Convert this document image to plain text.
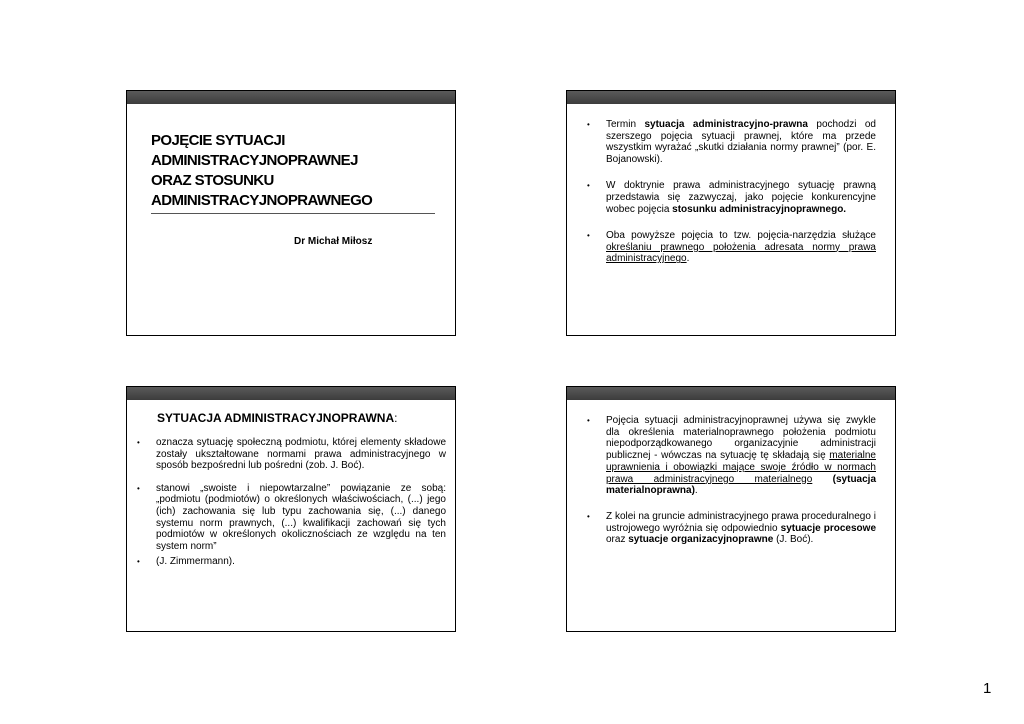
POJĘCIE SYTUACJI
ADMINISTRACYJNOPRAWNEJ
ORAZ STOSUNKU
ADMINISTRACYJNOPRAWNEGO
Dr Michał Miłosz
• Termin sytuacja administracyjno-prawna pochodzi od szerszego pojęcia sytuacji prawnej, które ma przede wszystkim wyrażać „skutki działania normy prawnej” (por. E. Bojanowski).
• W doktrynie prawa administracyjnego sytuację prawną przedstawia się zazwyczaj, jako pojęcie konkurencyjne wobec pojęcia stosunku administracyjnoprawnego.
• Oba powyższe pojęcia to tzw. pojęcia-narzędzia służące określaniu prawnego położenia adresata normy prawa administracyjnego.
SYTUACJA ADMINISTRACYJNOPRAWNA:
• oznacza sytuację społeczną podmiotu, której elementy składowe zostały ukształtowane normami prawa administracyjnego w sposób bezpośredni lub pośredni (zob. J. Boć).
• stanowi „swoiste i niepowtarzalne” powiązanie ze sobą: „podmiotu (podmiotów) o określonych właściwościach, (...) jego (ich) zachowania się lub typu zachowania się, (...) danego systemu norm prawnych, (...) kwalifikacji zachowań się tych podmiotów w określonych okolicznościach ze względu na ten system norm”
• (J. Zimmermann).
• Pojęcia sytuacji administracyjnoprawnej używa się zwykle dla określenia materialnoprawnego położenia podmiotu niepodporządkowanego organizacyjnie administracji publicznej - wówczas na sytuację tę składają się materialne uprawnienia i obowiązki mające swoje źródło w normach prawa administracyjnego materialnego (sytuacja materialnoprawna).
• Z kolei na gruncie administracyjnego prawa proceduralnego i ustrojowego wyróżnia się odpowiednio sytuacje procesowe oraz sytuacje organizacyjnoprawne (J. Boć).
1
